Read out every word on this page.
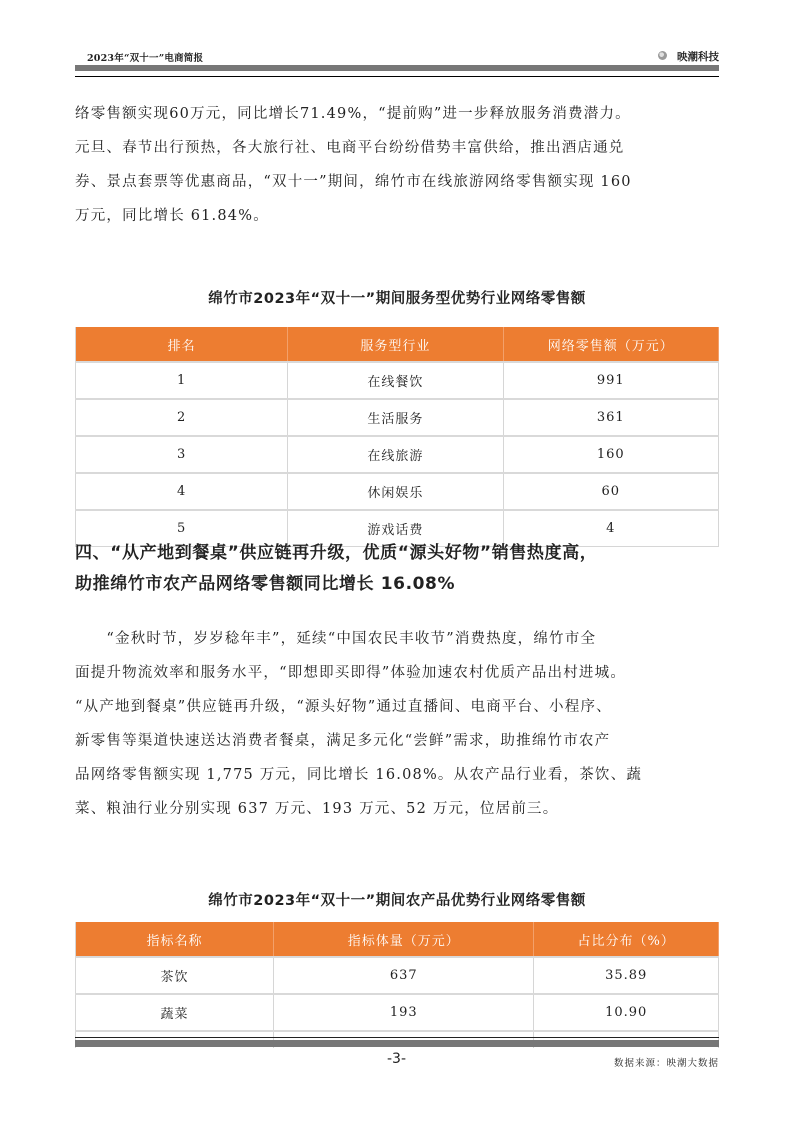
2023年“双十一”电商简报	映潮科技
络零售额实现60万元，同比增长71.49%，“提前购”进一步释放服务消费潜力。
元旦、春节出行预热，各大旅行社、电商平台纷纷借势丰富供给，推出酒店通兑
券、景点套票等优惠商品，“双十一”期间，绵竹市在线旅游网络零售额实现 160
万元，同比增长 61.84%。
绵竹市2023年“双十一”期间服务型优势行业网络零售额
排名	服务型行业	网络零售额（万元）
1	在线餐饮	991
2	生活服务	361
3	在线旅游	160
4	休闲娱乐	60
5	游戏话费	4
四、“从产地到餐桌”供应链再升级，优质“源头好物”销售热度高，
助推绵竹市农产品网络零售额同比增长 16.08%
　　“金秋时节，岁岁稔年丰”，延续“中国农民丰收节”消费热度，绵竹市全
面提升物流效率和服务水平，“即想即买即得”体验加速农村优质产品出村进城。
“从产地到餐桌”供应链再升级，“源头好物”通过直播间、电商平台、小程序、
新零售等渠道快速送达消费者餐桌，满足多元化“尝鲜”需求，助推绵竹市农产
品网络零售额实现 1,775 万元，同比增长 16.08%。从农产品行业看，茶饮、蔬
菜、粮油行业分别实现 637 万元、193 万元、52 万元，位居前三。
绵竹市2023年“双十一”期间农产品优势行业网络零售额
指标名称	指标体量（万元）	占比分布（%）
茶饮	637	35.89
蔬菜	193	10.90

-3-	数据来源：映潮大数据
